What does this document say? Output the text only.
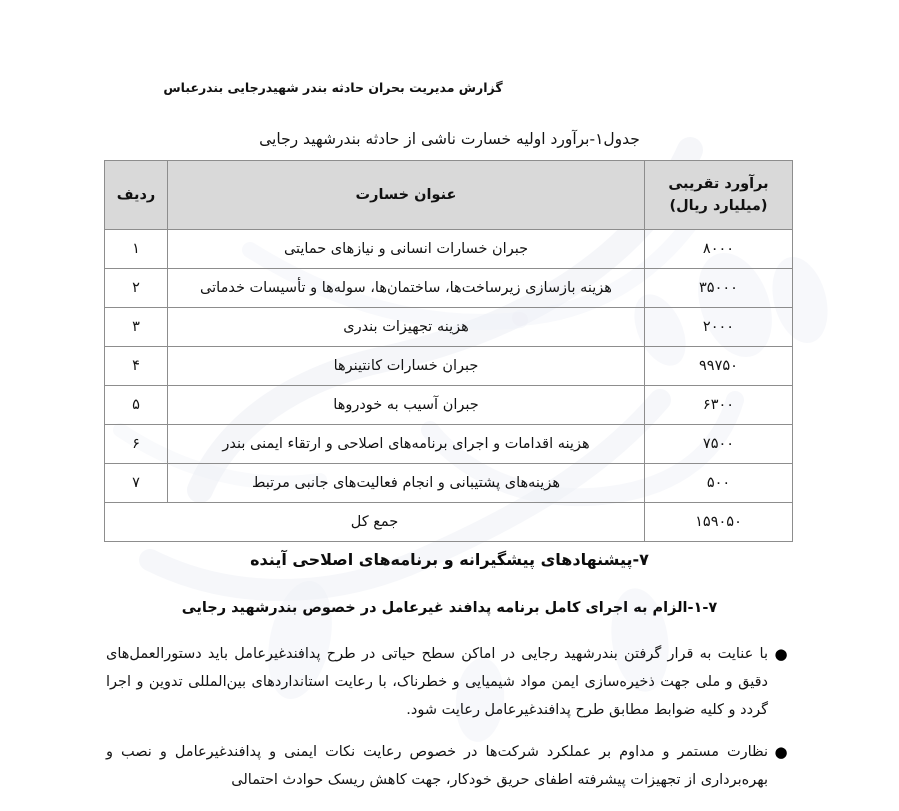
گزارش مدیریت بحران حادثه بندر شهیدرجایی بندرعباس
جدول۱-برآورد اولیه خسارت ناشی از حادثه بندرشهید رجایی
برآورد تقریبی
(میلیارد ریال)	عنوان خسارت	ردیف
۸۰۰۰	جبران خسارات انسانی و نیازهای حمایتی	۱
۳۵۰۰۰	هزینه بازسازی زیرساخت‌ها، ساختمان‌ها، سوله‌ها و تأسیسات خدماتی	۲
۲۰۰۰	هزینه تجهیزات بندری	۳
۹۹۷۵۰	جبران خسارات کانتینرها	۴
۶۳۰۰	جبران آسیب به خودروها	۵
۷۵۰۰	هزینه اقدامات و اجرای برنامه‌های اصلاحی و ارتقاء ایمنی بندر	۶
۵۰۰	هزینه‌های پشتیبانی و انجام فعالیت‌های جانبی مرتبط	۷
۱۵۹۰۵۰	جمع کل	
۷-پیشنهادهای پیشگیرانه و برنامه‌های اصلاحی آینده
۱-۷-الزام به اجرای کامل برنامه پدافند غیرعامل در خصوص بندرشهید رجایی
●
با عنایت به قرار گرفتن بندرشهید رجایی در اماکن سطح حیاتی در طرح پدافندغیرعامل باید دستورالعمل‌های دقیق و ملی جهت ذخیره‌سازی ایمن مواد شیمیایی و خطرناک، با رعایت استانداردهای بین‌المللی تدوین و اجرا گردد و کلیه ضوابط مطابق طرح پدافندغیرعامل رعایت شود.
●
نظارت مستمر و مداوم بر عملکرد شرکت‌ها در خصوص رعایت نکات ایمنی و پدافندغیرعامل و نصب و بهره‌برداری از تجهیزات پیشرفته اطفای حریق خودکار، جهت کاهش ریسک حوادث احتمالی
